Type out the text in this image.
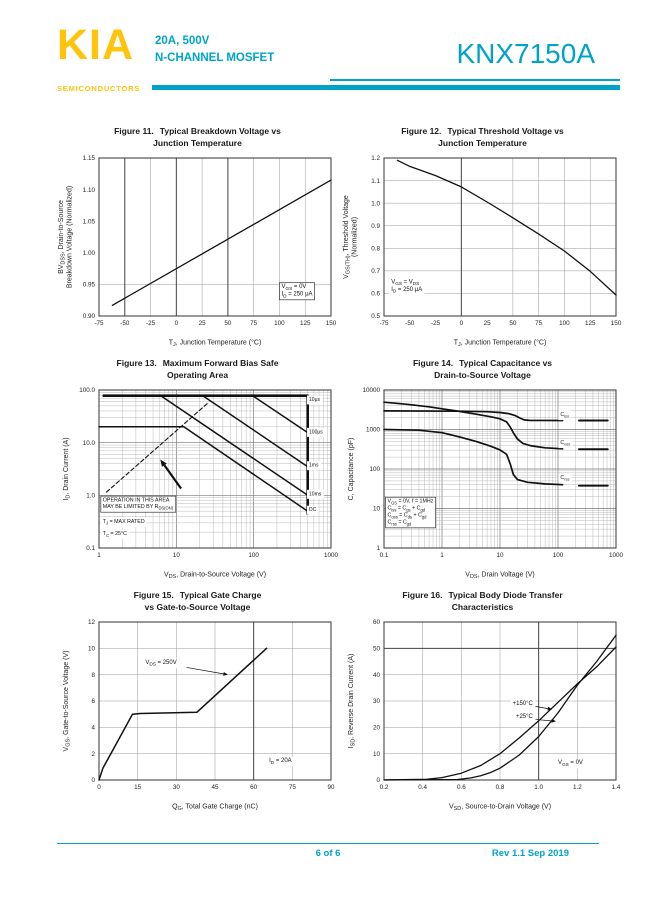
KIA
SEMICONDUCTORS
20A, 500V
N-CHANNEL MOSFET	KNX7150A
Figure 11. Typical Breakdown Voltage vs
Junction Temperature
-75	-50	-25	0	25	50	75	100 125 150
0.90
0.95
1.00
1.05
1.10
1.15
$T_J$, Junction Temperature (°C)
$BV_{DSS}$, Drain-to-Source Breakdown Voltage (Normalized)	$V_{GS} = 0V$
$I_D = 250$ μA
Figure 12. Typical Threshold Voltage vs
Junction Temperature
-75	-50	-25	0	25	50	75	100 125 150
0.5
0.6
0.7
0.8
0.9
1.0
1.1
1.2
$T_J$, Junction Temperature (°C)
$V_{GS(TH)}$, Threshold Voltage (Normalized)
$V_{GS} = V_{DS}$
$I_D = 250$ μA
Figure 13. Maximum Forward Bias Safe
Operating Area
1	10	100	1000
0.1
1.0
10.0
100.0
$V_{DS}$, Drain-to-Source Voltage (V)
$I_D$, Drain Current (A)
OPERATION IN THIS AREA
MAY BE LIMITED BY $R_{DS(ON)}$
$T_J$ = MAX RATED
$T_C = 25^\circ C$
10μs
100μs
1ms
10ms
DC
Figure 14. Typical Capacitance vs
Drain-to-Source Voltage
0.1	1	10	100	1000
1
10
100
1000
10000
$V_{DS}$, Drain Voltage (V)
C, Capacitance (pF)
$C_{iss}$
$C_{oss}$
$C_{rss}$
$V_{GS} = 0V$, f = 1MHz
$C_{iss} = C_{gs} + C_{gd}$
$C_{oss} = C_{ds} + C_{gd}$
$C_{rss} = C_{gd}$
Figure 15. Typical Gate Charge
vs Gate-to-Source Voltage
0	15	30	45	60	75	90
0
2
4
6
8
10
12
$Q_G$, Total Gate Charge (nC)
$V_{GS}$, Gate-to-Source Voltage (V)	$V_{DS} = 250V$
$I_D = 20A$
Figure 16. Typical Body Diode Transfer
Characteristics
0.2	0.4	0.6	0.8	1.0	1.2	1.4
0
10
20
30
40
50
60
$V_{SD}$, Source-to-Drain Voltage (V)
$I_{SD}$, Reverse Drain Current (A)	+150°C
+25°C
$V_{GS} = 0V$
6 of 6	Rev 1.1 Sep 2019
